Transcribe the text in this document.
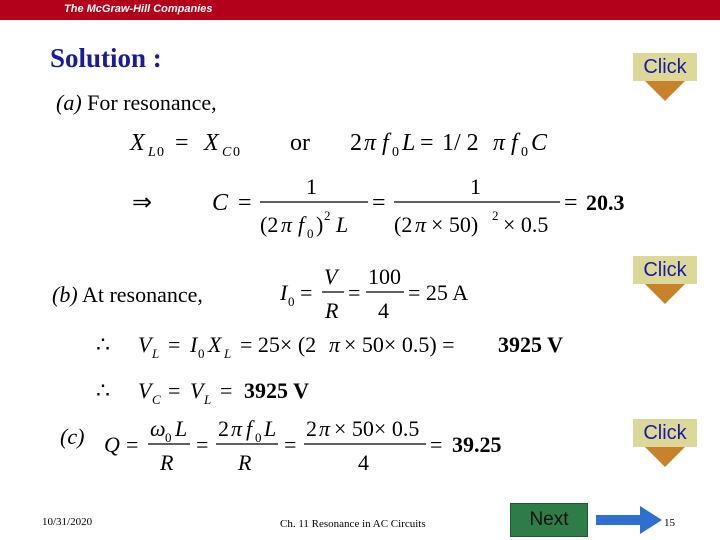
The McGraw-Hill Companies
Solution :
(a) For resonance,
X L 0 = X C 0 or 2 π f 0 L = 1/ 2 π f 0 C
⇒ C =
1
(2 π f 0 ) 2 L
=
1
(2 π × 50) 2 × 0.5
= 20.3
Click
(b) At resonance,	I 0 =
V
R
=
100
4
= 25 A
Click
∴ V L = I 0 X L = 25× (2 π × 50× 0.5) = 3925 V
∴ V C = V L = 3925 V
(c) Q =
ω 0 L
R
=
2 π f 0 L
R
=
2 π × 50× 0.5
4
= 39.25	Click
10/31/2020	Ch. 11 Resonance in AC Circuits	Next	15
